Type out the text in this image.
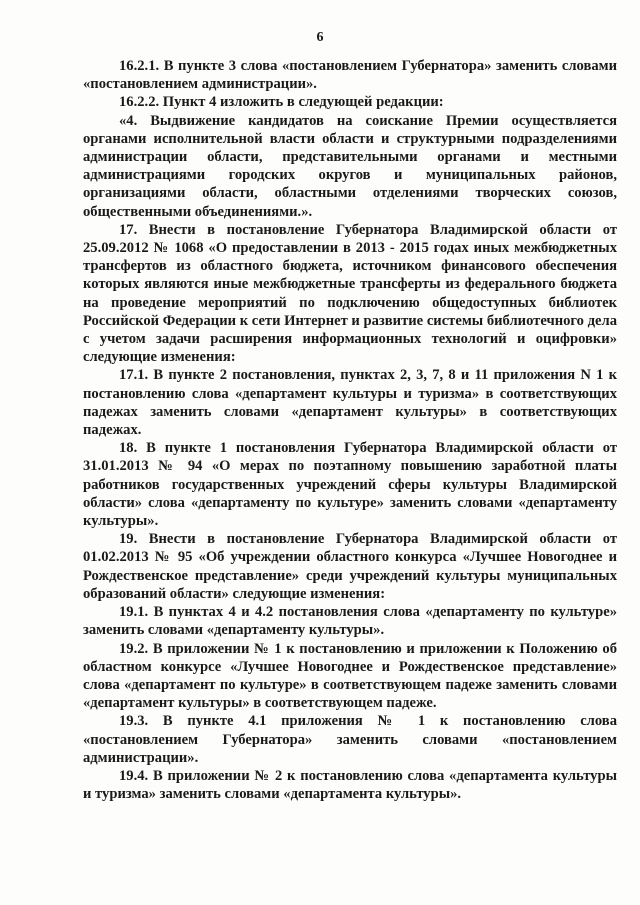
6

16.2.1. В пункте 3 слова «постановлением Губернатора» заменить словами «постановлением администрации».

16.2.2. Пункт 4 изложить в следующей редакции:

«4. Выдвижение кандидатов на соискание Премии осуществляется органами исполнительной власти области и структурными подразделениями администрации области, представительными органами и местными администрациями городских округов и муниципальных районов, организациями области, областными отделениями творческих союзов, общественными объединениями.».

17. Внести в постановление Губернатора Владимирской области от 25.09.2012 № 1068 «О предоставлении в 2013 - 2015 годах иных межбюджетных трансфертов из областного бюджета, источником финансового обеспечения которых являются иные межбюджетные трансферты из федерального бюджета на проведение мероприятий по подключению общедоступных библиотек Российской Федерации к сети Интернет и развитие системы библиотечного дела с учетом задачи расширения информационных технологий и оцифровки» следующие изменения:

17.1. В пункте 2 постановления, пунктах 2, 3, 7, 8 и 11 приложения N 1 к постановлению слова «департамент культуры и туризма» в соответствующих падежах заменить словами «департамент культуры» в соответствующих падежах.

18. В пункте 1 постановления Губернатора Владимирской области от 31.01.2013 № 94 «О мерах по поэтапному повышению заработной платы работников государственных учреждений сферы культуры Владимирской области» слова «департаменту по культуре» заменить словами «департаменту культуры».

19. Внести в постановление Губернатора Владимирской области от 01.02.2013 № 95 «Об учреждении областного конкурса «Лучшее Новогоднее и Рождественское представление» среди учреждений культуры муниципальных образований области» следующие изменения:

19.1. В пунктах 4 и 4.2 постановления слова «департаменту по культуре» заменить словами «департаменту культуры».

19.2. В приложении № 1 к постановлению и приложении к Положению об областном конкурсе «Лучшее Новогоднее и Рождественское представление» слова «департамент по культуре» в соответствующем падеже заменить словами «департамент культуры» в соответствующем падеже.

19.3. В пункте 4.1 приложения № 1 к постановлению слова «постановлением Губернатора» заменить словами «постановлением администрации».

19.4. В приложении № 2 к постановлению слова «департамента культуры и туризма» заменить словами «департамента культуры».
